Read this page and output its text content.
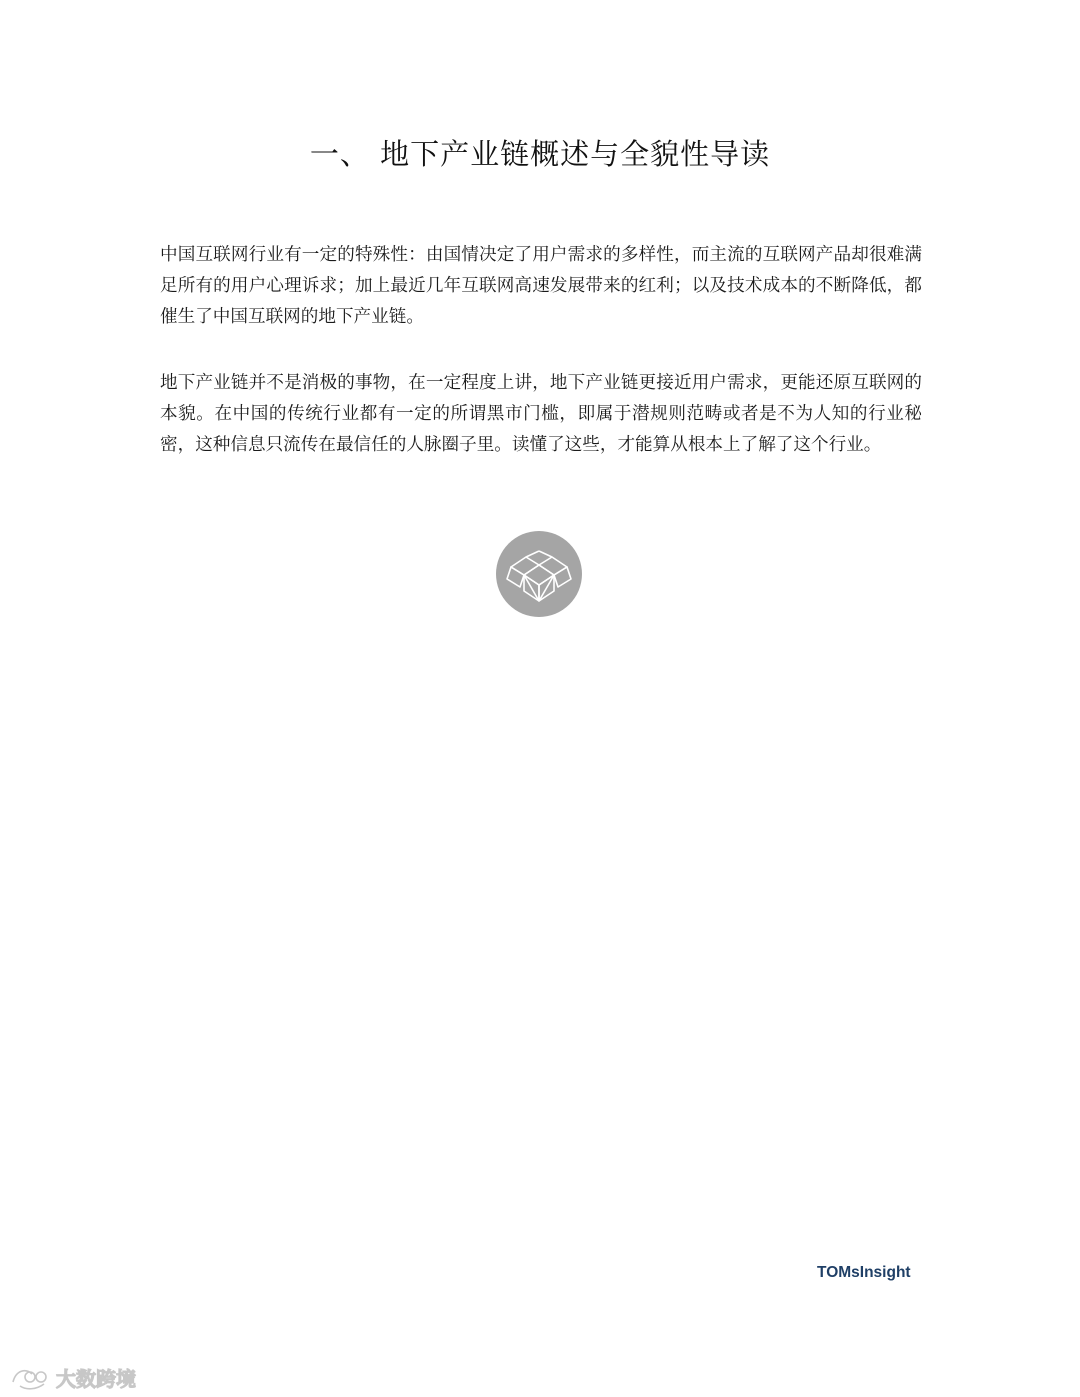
一、 地下产业链概述与全貌性导读

中国互联网行业有一定的特殊性：由国情决定了用户需求的多样性，而主流的互联网产品却很难满足所有的用户心理诉求；加上最近几年互联网高速发展带来的红利；以及技术成本的不断降低，都催生了中国互联网的地下产业链。

地下产业链并不是消极的事物，在一定程度上讲，地下产业链更接近用户需求，更能还原互联网的本貌。在中国的传统行业都有一定的所谓黑市门槛，即属于潜规则范畴或者是不为人知的行业秘密，这种信息只流传在最信任的人脉圈子里。读懂了这些，才能算从根本上了解了这个行业。

TOMsInsight
大数跨境
